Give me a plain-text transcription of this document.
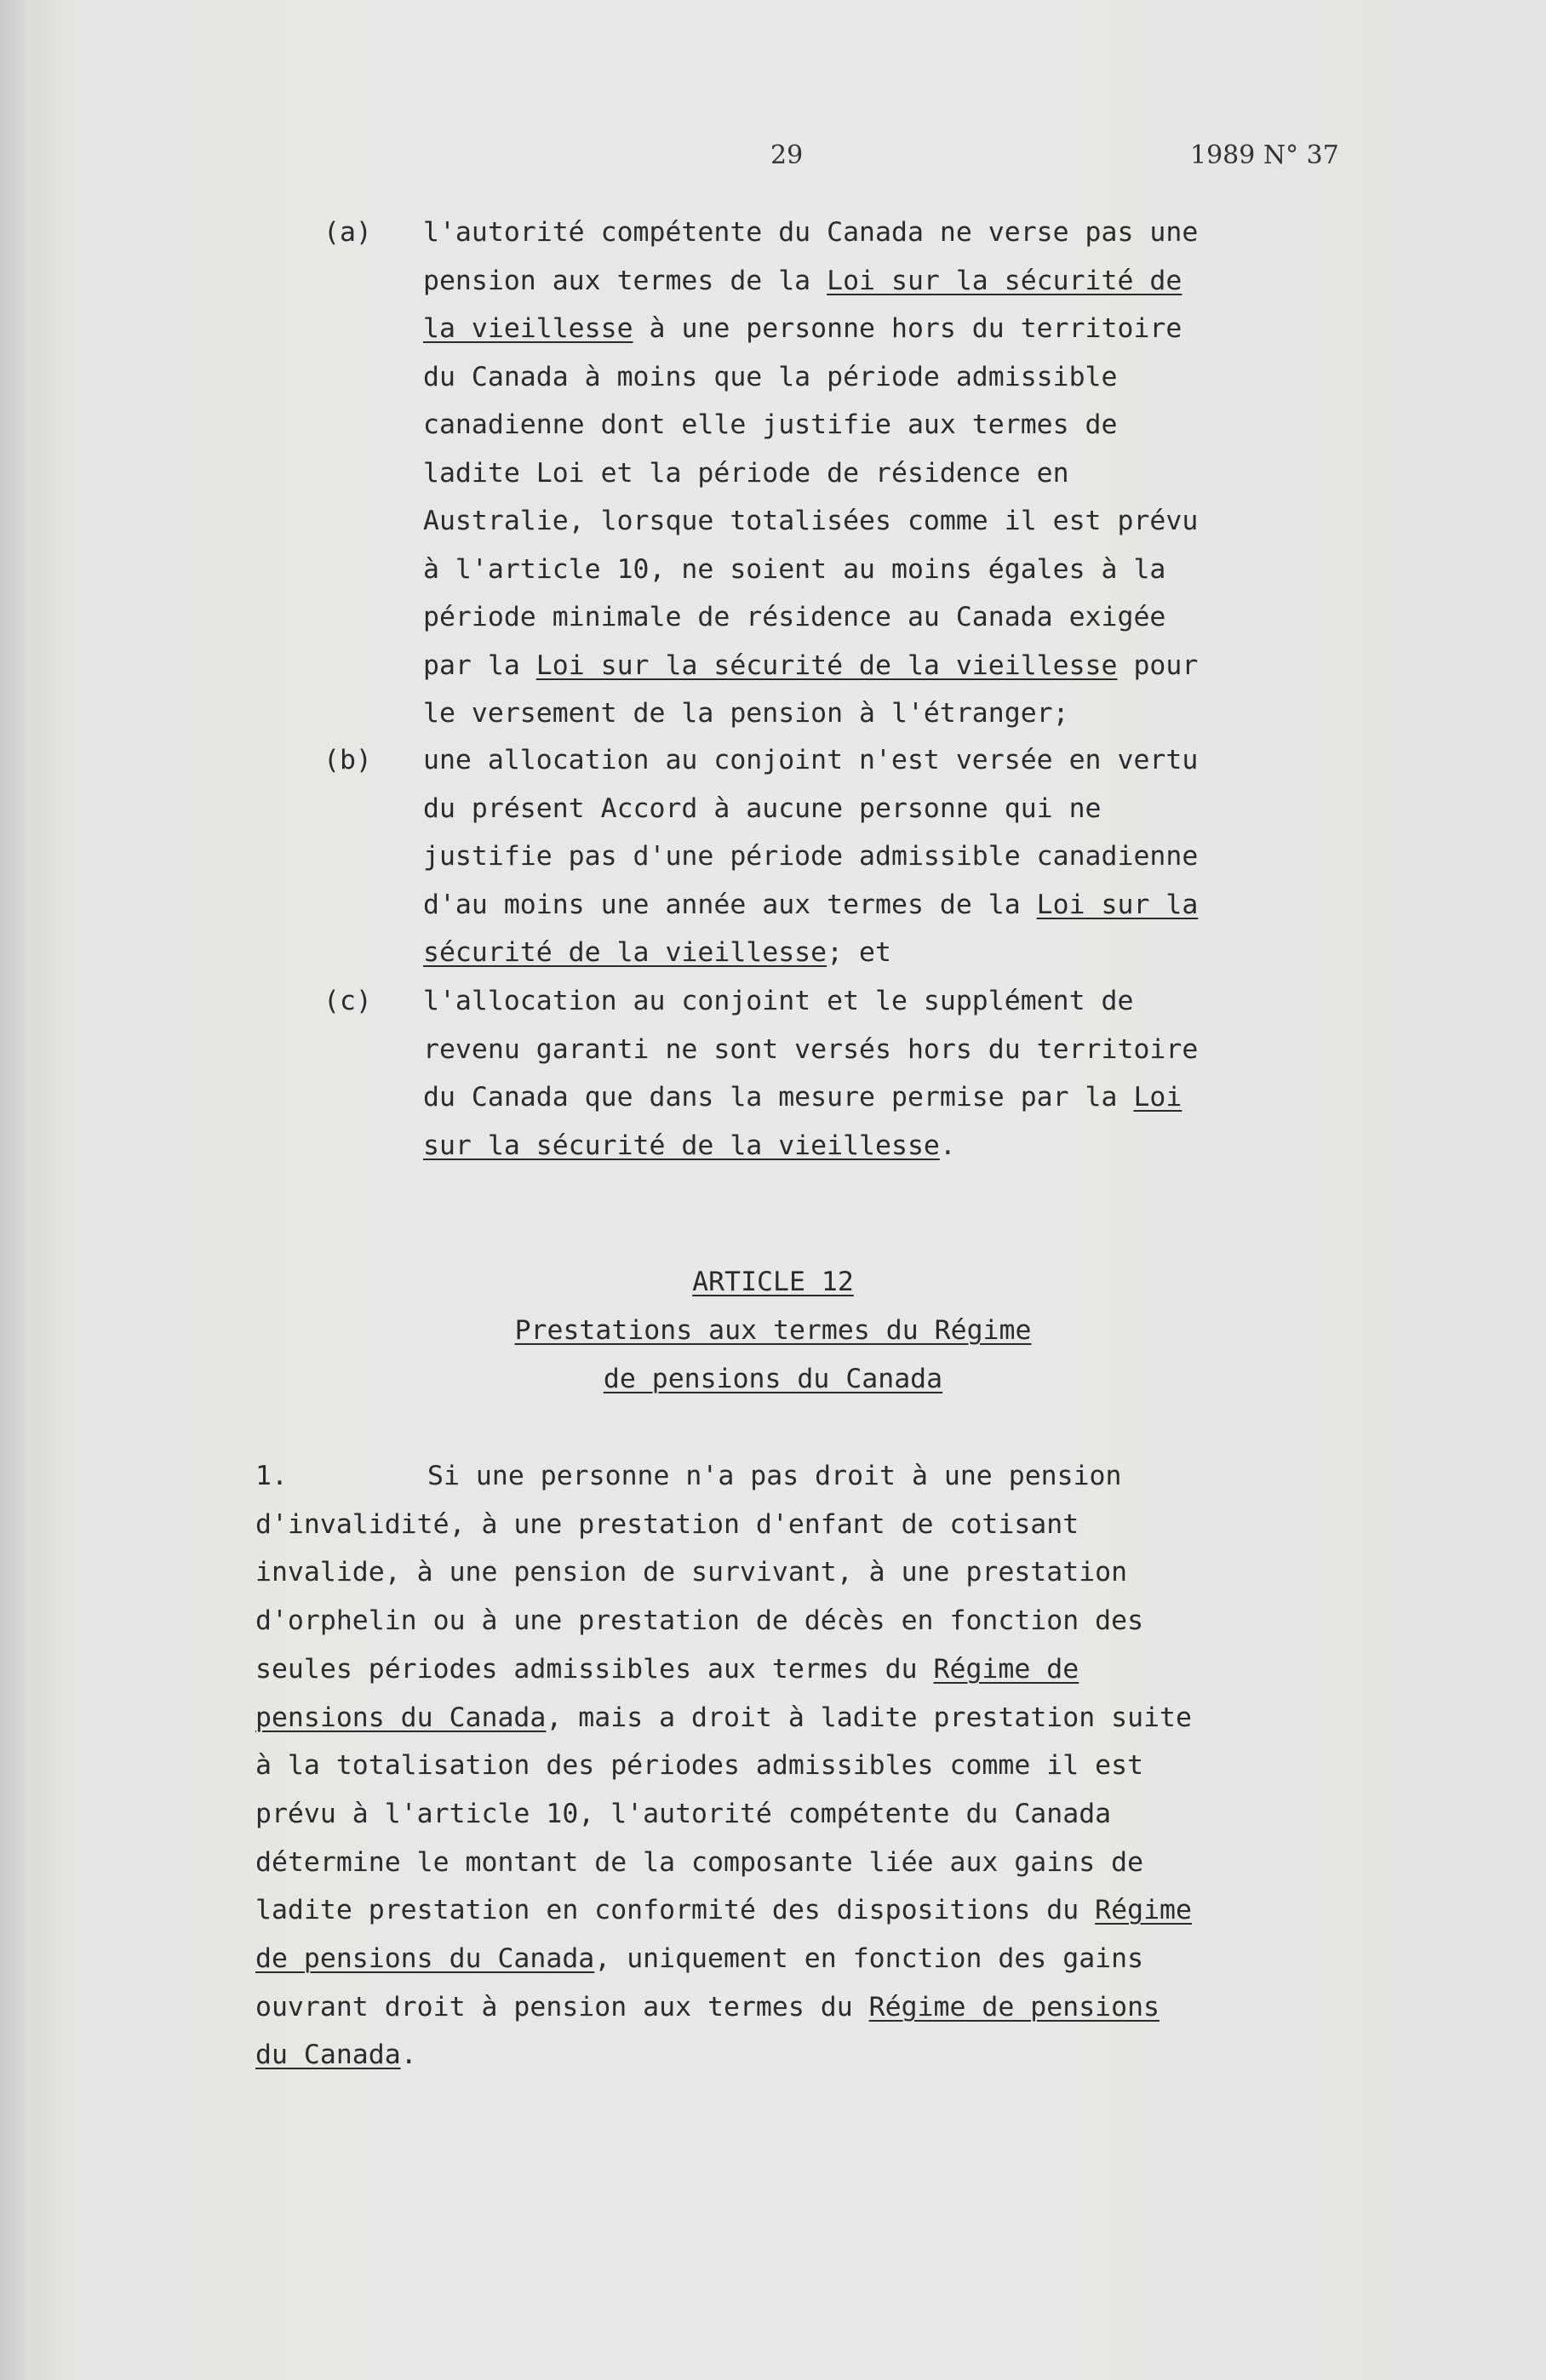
29	1989 N° 37
(a) l'autorité compétente du Canada ne verse pas une
pension aux termes de la Loi sur la sécurité de
la vieillesse à une personne hors du territoire
du Canada à moins que la période admissible
canadienne dont elle justifie aux termes de
ladite Loi et la période de résidence en
Australie, lorsque totalisées comme il est prévu
à l'article 10, ne soient au moins égales à la
période minimale de résidence au Canada exigée
par la Loi sur la sécurité de la vieillesse pour
le versement de la pension à l'étranger;
(b) une allocation au conjoint n'est versée en vertu
du présent Accord à aucune personne qui ne
justifie pas d'une période admissible canadienne
d'au moins une année aux termes de la Loi sur la
sécurité de la vieillesse; et
(c) l'allocation au conjoint et le supplément de
revenu garanti ne sont versés hors du territoire
du Canada que dans la mesure permise par la Loi
sur la sécurité de la vieillesse.
ARTICLE 12
Prestations aux termes du Régime
de pensions du Canada
1.	Si une personne n'a pas droit à une pension
d'invalidité, à une prestation d'enfant de cotisant
invalide, à une pension de survivant, à une prestation
d'orphelin ou à une prestation de décès en fonction des
seules périodes admissibles aux termes du Régime de
pensions du Canada, mais a droit à ladite prestation suite
à la totalisation des périodes admissibles comme il est
prévu à l'article 10, l'autorité compétente du Canada
détermine le montant de la composante liée aux gains de
ladite prestation en conformité des dispositions du Régime
de pensions du Canada, uniquement en fonction des gains
ouvrant droit à pension aux termes du Régime de pensions
du Canada.
